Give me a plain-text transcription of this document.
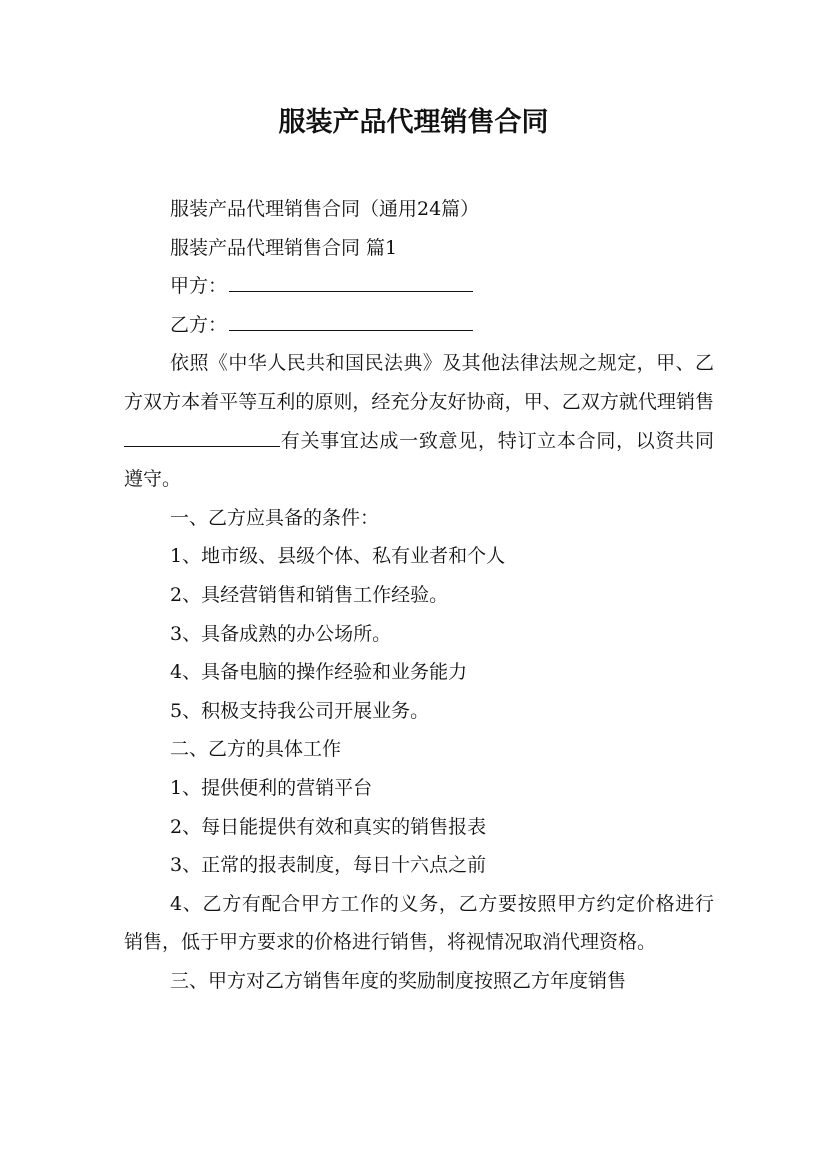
服装产品代理销售合同

服装产品代理销售合同（通用24篇）

服装产品代理销售合同 篇1

甲方：

乙方：

依照《中华人民共和国民法典》及其他法律法规之规定，甲、乙方双方本着平等互利的原则，经充分友好协商，甲、乙双方就代理销售有关事宜达成一致意见，特订立本合同，以资共同遵守。

一、乙方应具备的条件：

1、地市级、县级个体、私有业者和个人

2、具经营销售和销售工作经验。

3、具备成熟的办公场所。

4、具备电脑的操作经验和业务能力

5、积极支持我公司开展业务。

二、乙方的具体工作

1、提供便利的营销平台

2、每日能提供有效和真实的销售报表

3、正常的报表制度，每日十六点之前

4、乙方有配合甲方工作的义务，乙方要按照甲方约定价格进行销售，低于甲方要求的价格进行销售，将视情况取消代理资格。

三、甲方对乙方销售年度的奖励制度按照乙方年度销售
